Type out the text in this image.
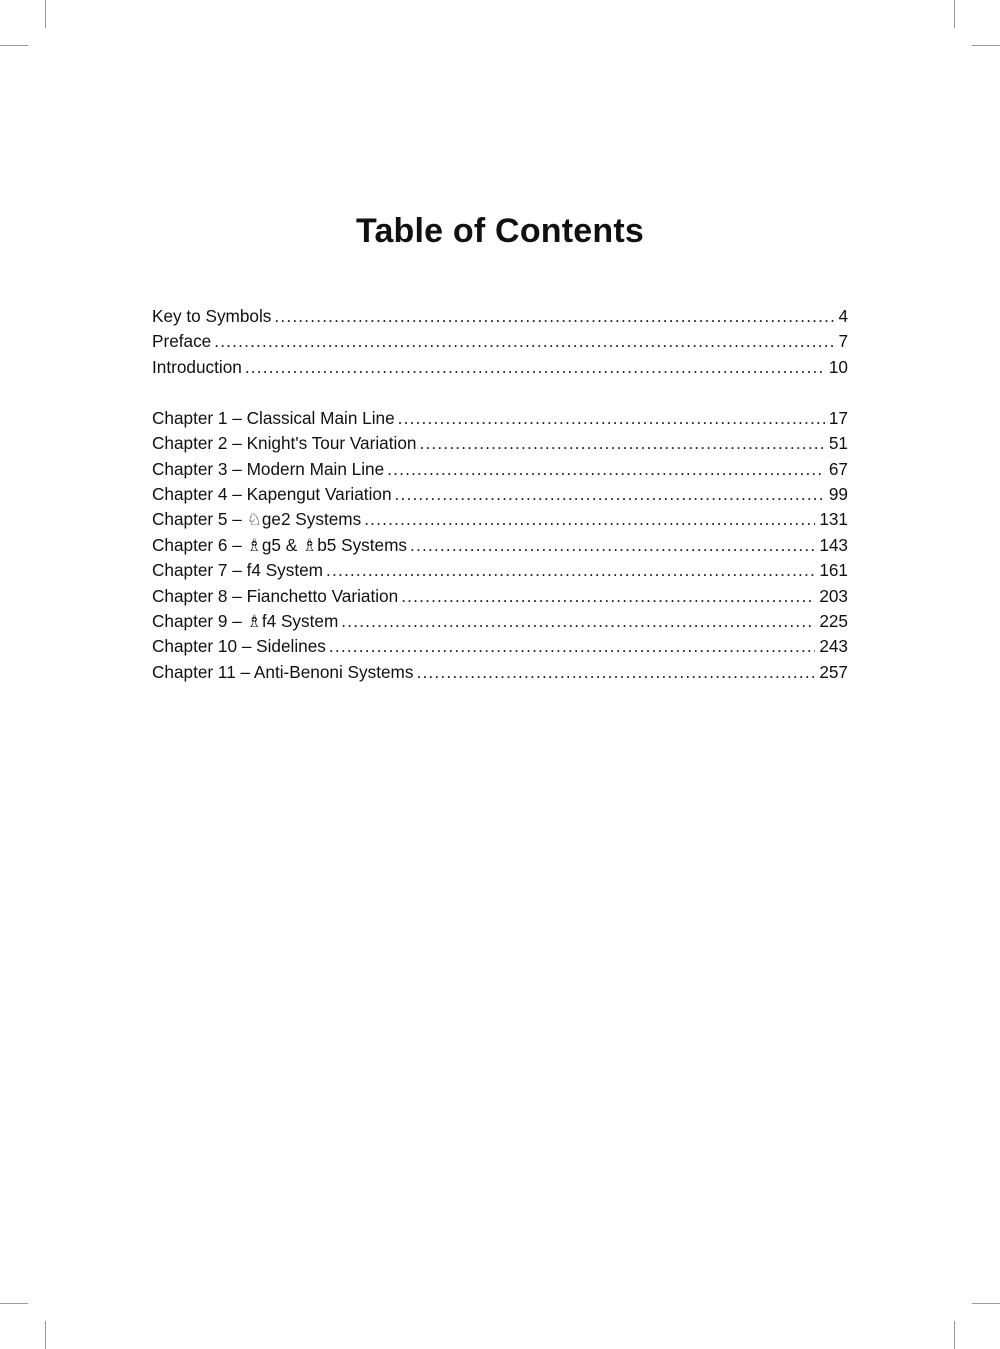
Table of Contents
Key to Symbols .....	4
Preface .....	7
Introduction .....	10
Chapter 1 – Classical Main Line .....	17
Chapter 2 – Knight's Tour Variation .....	51
Chapter 3 – Modern Main Line .....	67
Chapter 4 – Kapengut Variation .....	99
Chapter 5 – ♘ge2 Systems .....	131
Chapter 6 – ♗g5 & ♗b5 Systems .....	143
Chapter 7 – f4 System .....	161
Chapter 8 – Fianchetto Variation .....	203
Chapter 9 – ♗f4 System .....	225
Chapter 10 – Sidelines .....	243
Chapter 11 – Anti-Benoni Systems .....	257
